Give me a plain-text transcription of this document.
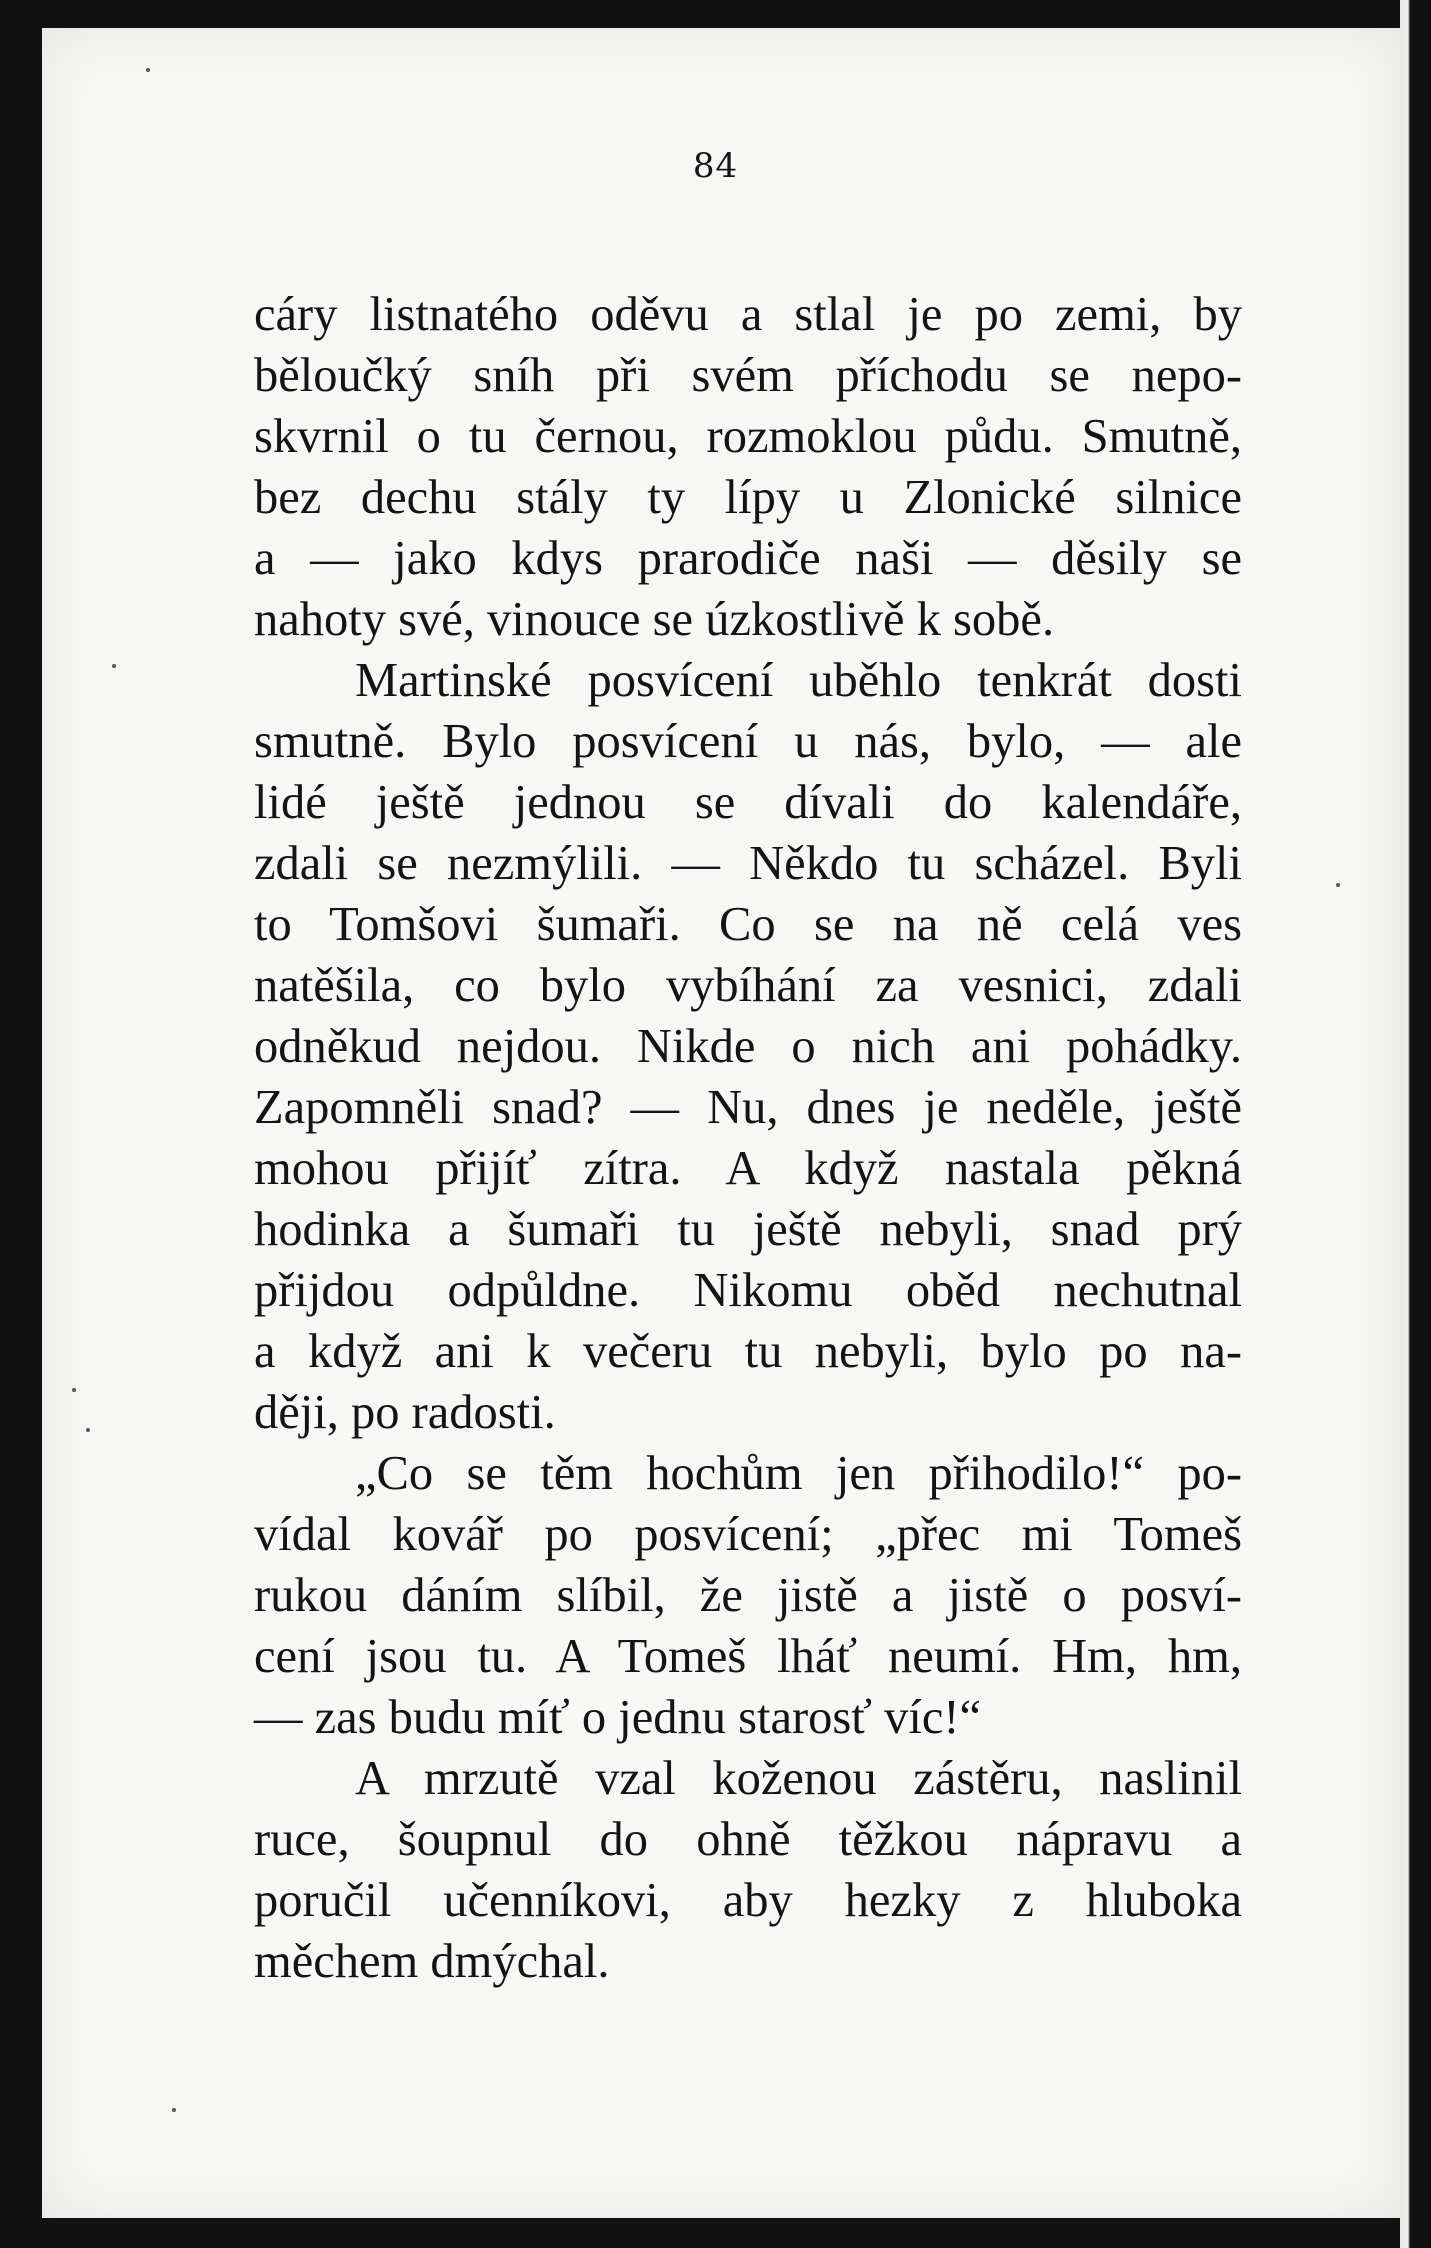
84
cáry listnatého oděvu a stlal je po zemi, by
běloučký sníh při svém příchodu se nepo-
skvrnil o tu černou, rozmoklou půdu. Smutně,
bez dechu stály ty lípy u Zlonické silnice
a — jako kdys prarodiče naši — děsily se
nahoty své, vinouce se úzkostlivě k sobě.
Martinské posvícení uběhlo tenkrát dosti
smutně. Bylo posvícení u nás, bylo, — ale
lidé ještě jednou se dívali do kalendáře,
zdali se nezmýlili. — Někdo tu scházel. Byli
to Tomšovi šumaři. Co se na ně celá ves
natěšila, co bylo vybíhání za vesnici, zdali
odněkud nejdou. Nikde o nich ani pohádky.
Zapomněli snad? — Nu, dnes je neděle, ještě
mohou přijíť zítra. A když nastala pěkná
hodinka a šumaři tu ještě nebyli, snad prý
přijdou odpůldne. Nikomu oběd nechutnal
a když ani k večeru tu nebyli, bylo po na-
ději, po radosti.
„Co se těm hochům jen přihodilo!“ po-
vídal kovář po posvícení; „přec mi Tomeš
rukou dáním slíbil, že jistě a jistě o posví-
cení jsou tu. A Tomeš lháť neumí. Hm, hm,
— zas budu míť o jednu starosť víc!“
A mrzutě vzal koženou zástěru, naslinil
ruce, šoupnul do ohně těžkou nápravu a
poručil učenníkovi, aby hezky z hluboka
měchem dmýchal.
